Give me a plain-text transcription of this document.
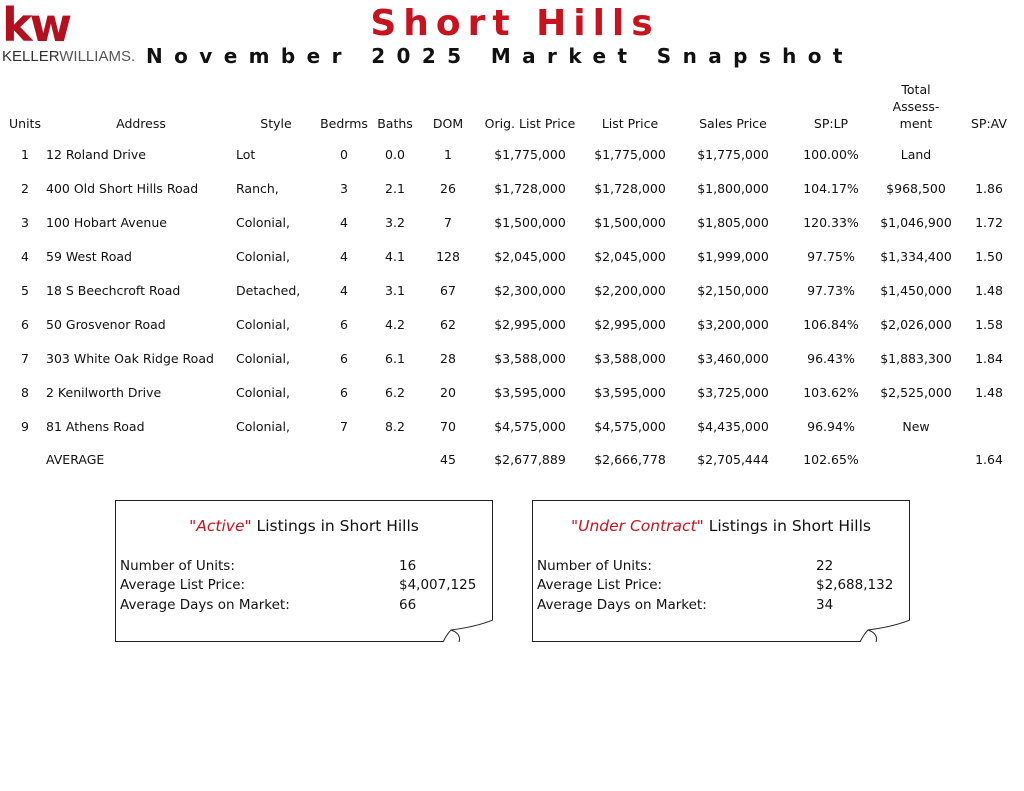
kw
KELLERWILLIAMS.
Short Hills
November 2025 Market Snapshot
Units	Address	Style	Bedrms	Baths	DOM	Orig. List Price	List Price	Sales Price	SP:LP	Total Assess-ment	SP:AV
1	12 Roland Drive	Lot	0	0.0	1	$1,775,000	$1,775,000	$1,775,000	100.00%	Land	
2	400 Old Short Hills Road	Ranch,	3	2.1	26	$1,728,000	$1,728,000	$1,800,000	104.17%	$968,500	1.86
3	100 Hobart Avenue	Colonial,	4	3.2	7	$1,500,000	$1,500,000	$1,805,000	120.33%	$1,046,900	1.72
4	59 West Road	Colonial,	4	4.1	128	$2,045,000	$2,045,000	$1,999,000	97.75%	$1,334,400	1.50
5	18 S Beechcroft Road	Detached,	4	3.1	67	$2,300,000	$2,200,000	$2,150,000	97.73%	$1,450,000	1.48
6	50 Grosvenor Road	Colonial,	6	4.2	62	$2,995,000	$2,995,000	$3,200,000	106.84%	$2,026,000	1.58
7	303 White Oak Ridge Road	Colonial,	6	6.1	28	$3,588,000	$3,588,000	$3,460,000	96.43%	$1,883,300	1.84
8	2 Kenilworth Drive	Colonial,	6	6.2	20	$3,595,000	$3,595,000	$3,725,000	103.62%	$2,525,000	1.48
9	81 Athens Road	Colonial,	7	8.2	70	$4,575,000	$4,575,000	$4,435,000	96.94%	New	
	AVERAGE				45	$2,677,889	$2,666,778	$2,705,444	102.65%		1.64
"Active" Listings in Short Hills
Number of Units:	16
Average List Price:	$4,007,125
Average Days on Market:	66
"Under Contract" Listings in Short Hills
Number of Units:	22
Average List Price:	$2,688,132
Average Days on Market:	34
